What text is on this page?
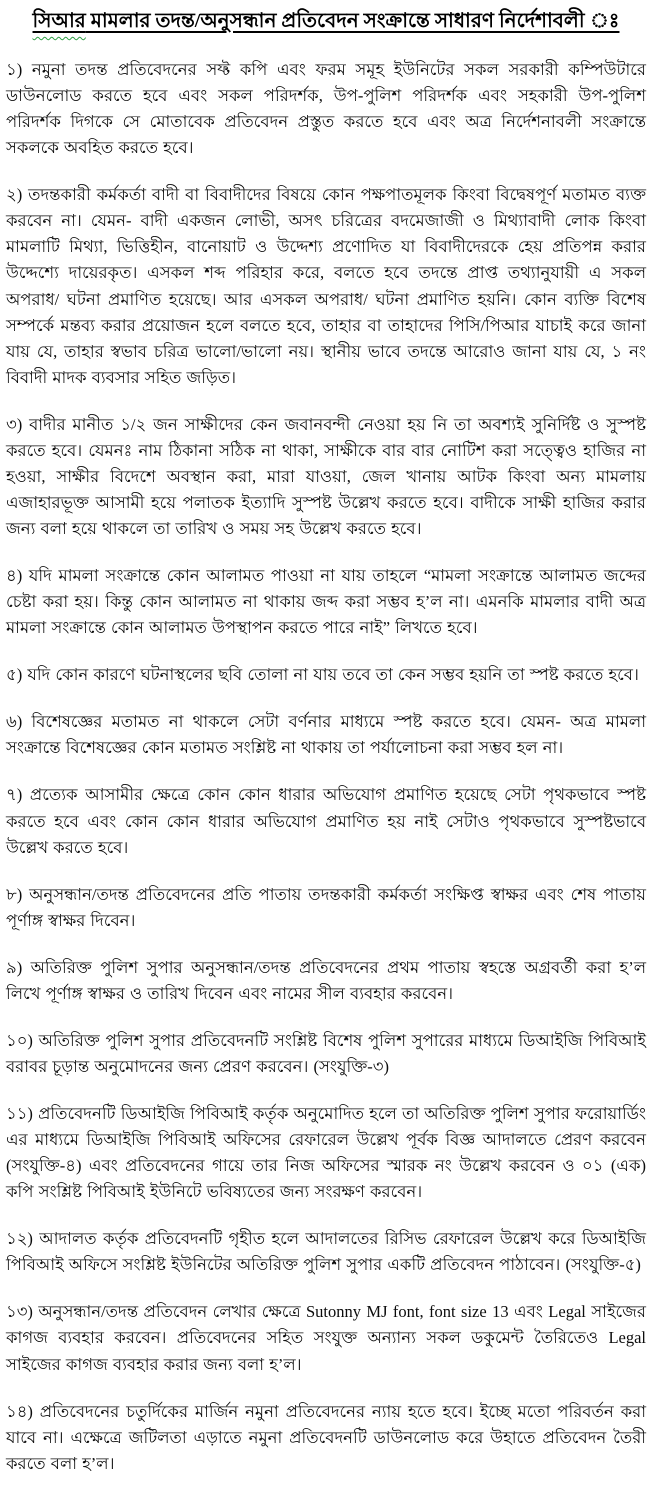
সিআর মামলার তদন্ত/অনুসন্ধান প্রতিবেদন সংক্রান্তে সাধারণ নির্দেশাবলী ঃ

১) নমুনা তদন্ত প্রতিবেদনের সফ্ট কপি এবং ফরম সমূহ ইউনিটের সকল সরকারী কম্পিউটারে ডাউনলোড করতে হবে এবং সকল পরিদর্শক, উপ-পুলিশ পরিদর্শক এবং সহকারী উপ-পুলিশ পরিদর্শক দিগকে সে মোতাবেক প্রতিবেদন প্রস্তুত করতে হবে এবং অত্র নির্দেশনাবলী সংক্রান্তে সকলকে অবহিত করতে হবে।

২) তদন্তকারী কর্মকর্তা বাদী বা বিবাদীদের বিষয়ে কোন পক্ষপাতমূলক কিংবা বিদ্বেষপূর্ণ মতামত ব্যক্ত করবেন না। যেমন- বাদী একজন লোভী, অসৎ চরিত্রের বদমেজাজী ও মিথ্যাবাদী লোক কিংবা মামলাটি মিথ্যা, ভিত্তিহীন, বানোয়াট ও উদ্দেশ্য প্রণোদিত যা বিবাদীদেরকে হেয় প্রতিপন্ন করার উদ্দেশ্যে দায়েরকৃত। এসকল শব্দ পরিহার করে, বলতে হবে তদন্তে প্রাপ্ত তথ্যানুযায়ী এ সকল অপরাধ/ ঘটনা প্রমাণিত হয়েছে। আর এসকল অপরাধ/ ঘটনা প্রমাণিত হয়নি। কোন ব্যক্তি বিশেষ সম্পর্কে মন্তব্য করার প্রয়োজন হলে বলতে হবে, তাহার বা তাহাদের পিসি/পিআর যাচাই করে জানা যায় যে, তাহার স্বভাব চরিত্র ভালো/ভালো নয়। স্থানীয় ভাবে তদন্তে আরোও জানা যায় যে, ১ নং বিবাদী মাদক ব্যবসার সহিত জড়িত।

৩) বাদীর মানীত ১/২ জন সাক্ষীদের কেন জবানবন্দী নেওয়া হয় নি তা অবশ্যই সুনির্দিষ্ট ও সুস্পষ্ট করতে হবে। যেমনঃ নাম ঠিকানা সঠিক না থাকা, সাক্ষীকে বার বার নোটিশ করা সত্ত্বেও হাজির না হওয়া, সাক্ষীর বিদেশে অবস্থান করা, মারা যাওয়া, জেল খানায় আটক কিংবা অন্য মামলায় এজাহারভূক্ত আসামী হয়ে পলাতক ইত্যাদি সুস্পষ্ট উল্লেখ করতে হবে। বাদীকে সাক্ষী হাজির করার জন্য বলা হয়ে থাকলে তা তারিখ ও সময় সহ উল্লেখ করতে হবে।

৪) যদি মামলা সংক্রান্তে কোন আলামত পাওয়া না যায় তাহলে “মামলা সংক্রান্তে আলামত জব্দের চেষ্টা করা হয়। কিন্তু কোন আলামত না থাকায় জব্দ করা সম্ভব হ’ল না। এমনকি মামলার বাদী অত্র মামলা সংক্রান্তে কোন আলামত উপস্থাপন করতে পারে নাই” লিখতে হবে।

৫) যদি কোন কারণে ঘটনাস্থলের ছবি তোলা না যায় তবে তা কেন সম্ভব হয়নি তা স্পষ্ট করতে হবে।

৬) বিশেষজ্ঞের মতামত না থাকলে সেটা বর্ণনার মাধ্যমে স্পষ্ট করতে হবে। যেমন- অত্র মামলা সংক্রান্তে বিশেষজ্ঞের কোন মতামত সংশ্লিষ্ট না থাকায় তা পর্যালোচনা করা সম্ভব হল না।

৭) প্রত্যেক আসামীর ক্ষেত্রে কোন কোন ধারার অভিযোগ প্রমাণিত হয়েছে সেটা পৃথকভাবে স্পষ্ট করতে হবে এবং কোন কোন ধারার অভিযোগ প্রমাণিত হয় নাই সেটাও পৃথকভাবে সুস্পষ্টভাবে উল্লেখ করতে হবে।

৮) অনুসন্ধান/তদন্ত প্রতিবেদনের প্রতি পাতায় তদন্তকারী কর্মকর্তা সংক্ষিপ্ত স্বাক্ষর এবং শেষ পাতায় পূর্ণাঙ্গ স্বাক্ষর দিবেন।

৯) অতিরিক্ত পুলিশ সুপার অনুসন্ধান/তদন্ত প্রতিবেদনের প্রথম পাতায় স্বহস্তে অগ্রবর্তী করা হ’ল লিখে পূর্ণাঙ্গ স্বাক্ষর ও তারিখ দিবেন এবং নামের সীল ব্যবহার করবেন।

১০) অতিরিক্ত পুলিশ সুপার প্রতিবেদনটি সংশ্লিষ্ট বিশেষ পুলিশ সুপারের মাধ্যমে ডিআইজি পিবিআই বরাবর চূড়ান্ত অনুমোদনের জন্য প্রেরণ করবেন। (সংযুক্তি-৩)

১১) প্রতিবেদনটি ডিআইজি পিবিআই কর্তৃক অনুমোদিত হলে তা অতিরিক্ত পুলিশ সুপার ফরোয়ার্ডিং এর মাধ্যমে ডিআইজি পিবিআই অফিসের রেফারেল উল্লেখ পূর্বক বিজ্ঞ আদালতে প্রেরণ করবেন (সংযুক্তি-৪) এবং প্রতিবেদনের গায়ে তার নিজ অফিসের স্মারক নং উল্লেখ করবেন ও ০১ (এক) কপি সংশ্লিষ্ট পিবিআই ইউনিটে ভবিষ্যতের জন্য সংরক্ষণ করবেন।

১২) আদালত কর্তৃক প্রতিবেদনটি গৃহীত হলে আদালতের রিসিভ রেফারেল উল্লেখ করে ডিআইজি পিবিআই অফিসে সংশ্লিষ্ট ইউনিটের অতিরিক্ত পুলিশ সুপার একটি প্রতিবেদন পাঠাবেন। (সংযুক্তি-৫)

১৩) অনুসন্ধান/তদন্ত প্রতিবেদন লেখার ক্ষেত্রে Sutonny MJ font, font size 13 এবং Legal সাইজের কাগজ ব্যবহার করবেন। প্রতিবেদনের সহিত সংযুক্ত অন্যান্য সকল ডকুমেন্ট তৈরিতেও Legal সাইজের কাগজ ব্যবহার করার জন্য বলা হ’ল।

১৪) প্রতিবেদনের চতুর্দিকের মার্জিন নমুনা প্রতিবেদনের ন্যায় হতে হবে। ইচ্ছে মতো পরিবর্তন করা যাবে না। এক্ষেত্রে জটিলতা এড়াতে নমুনা প্রতিবেদনটি ডাউনলোড করে উহাতে প্রতিবেদন তৈরী করতে বলা হ’ল।
